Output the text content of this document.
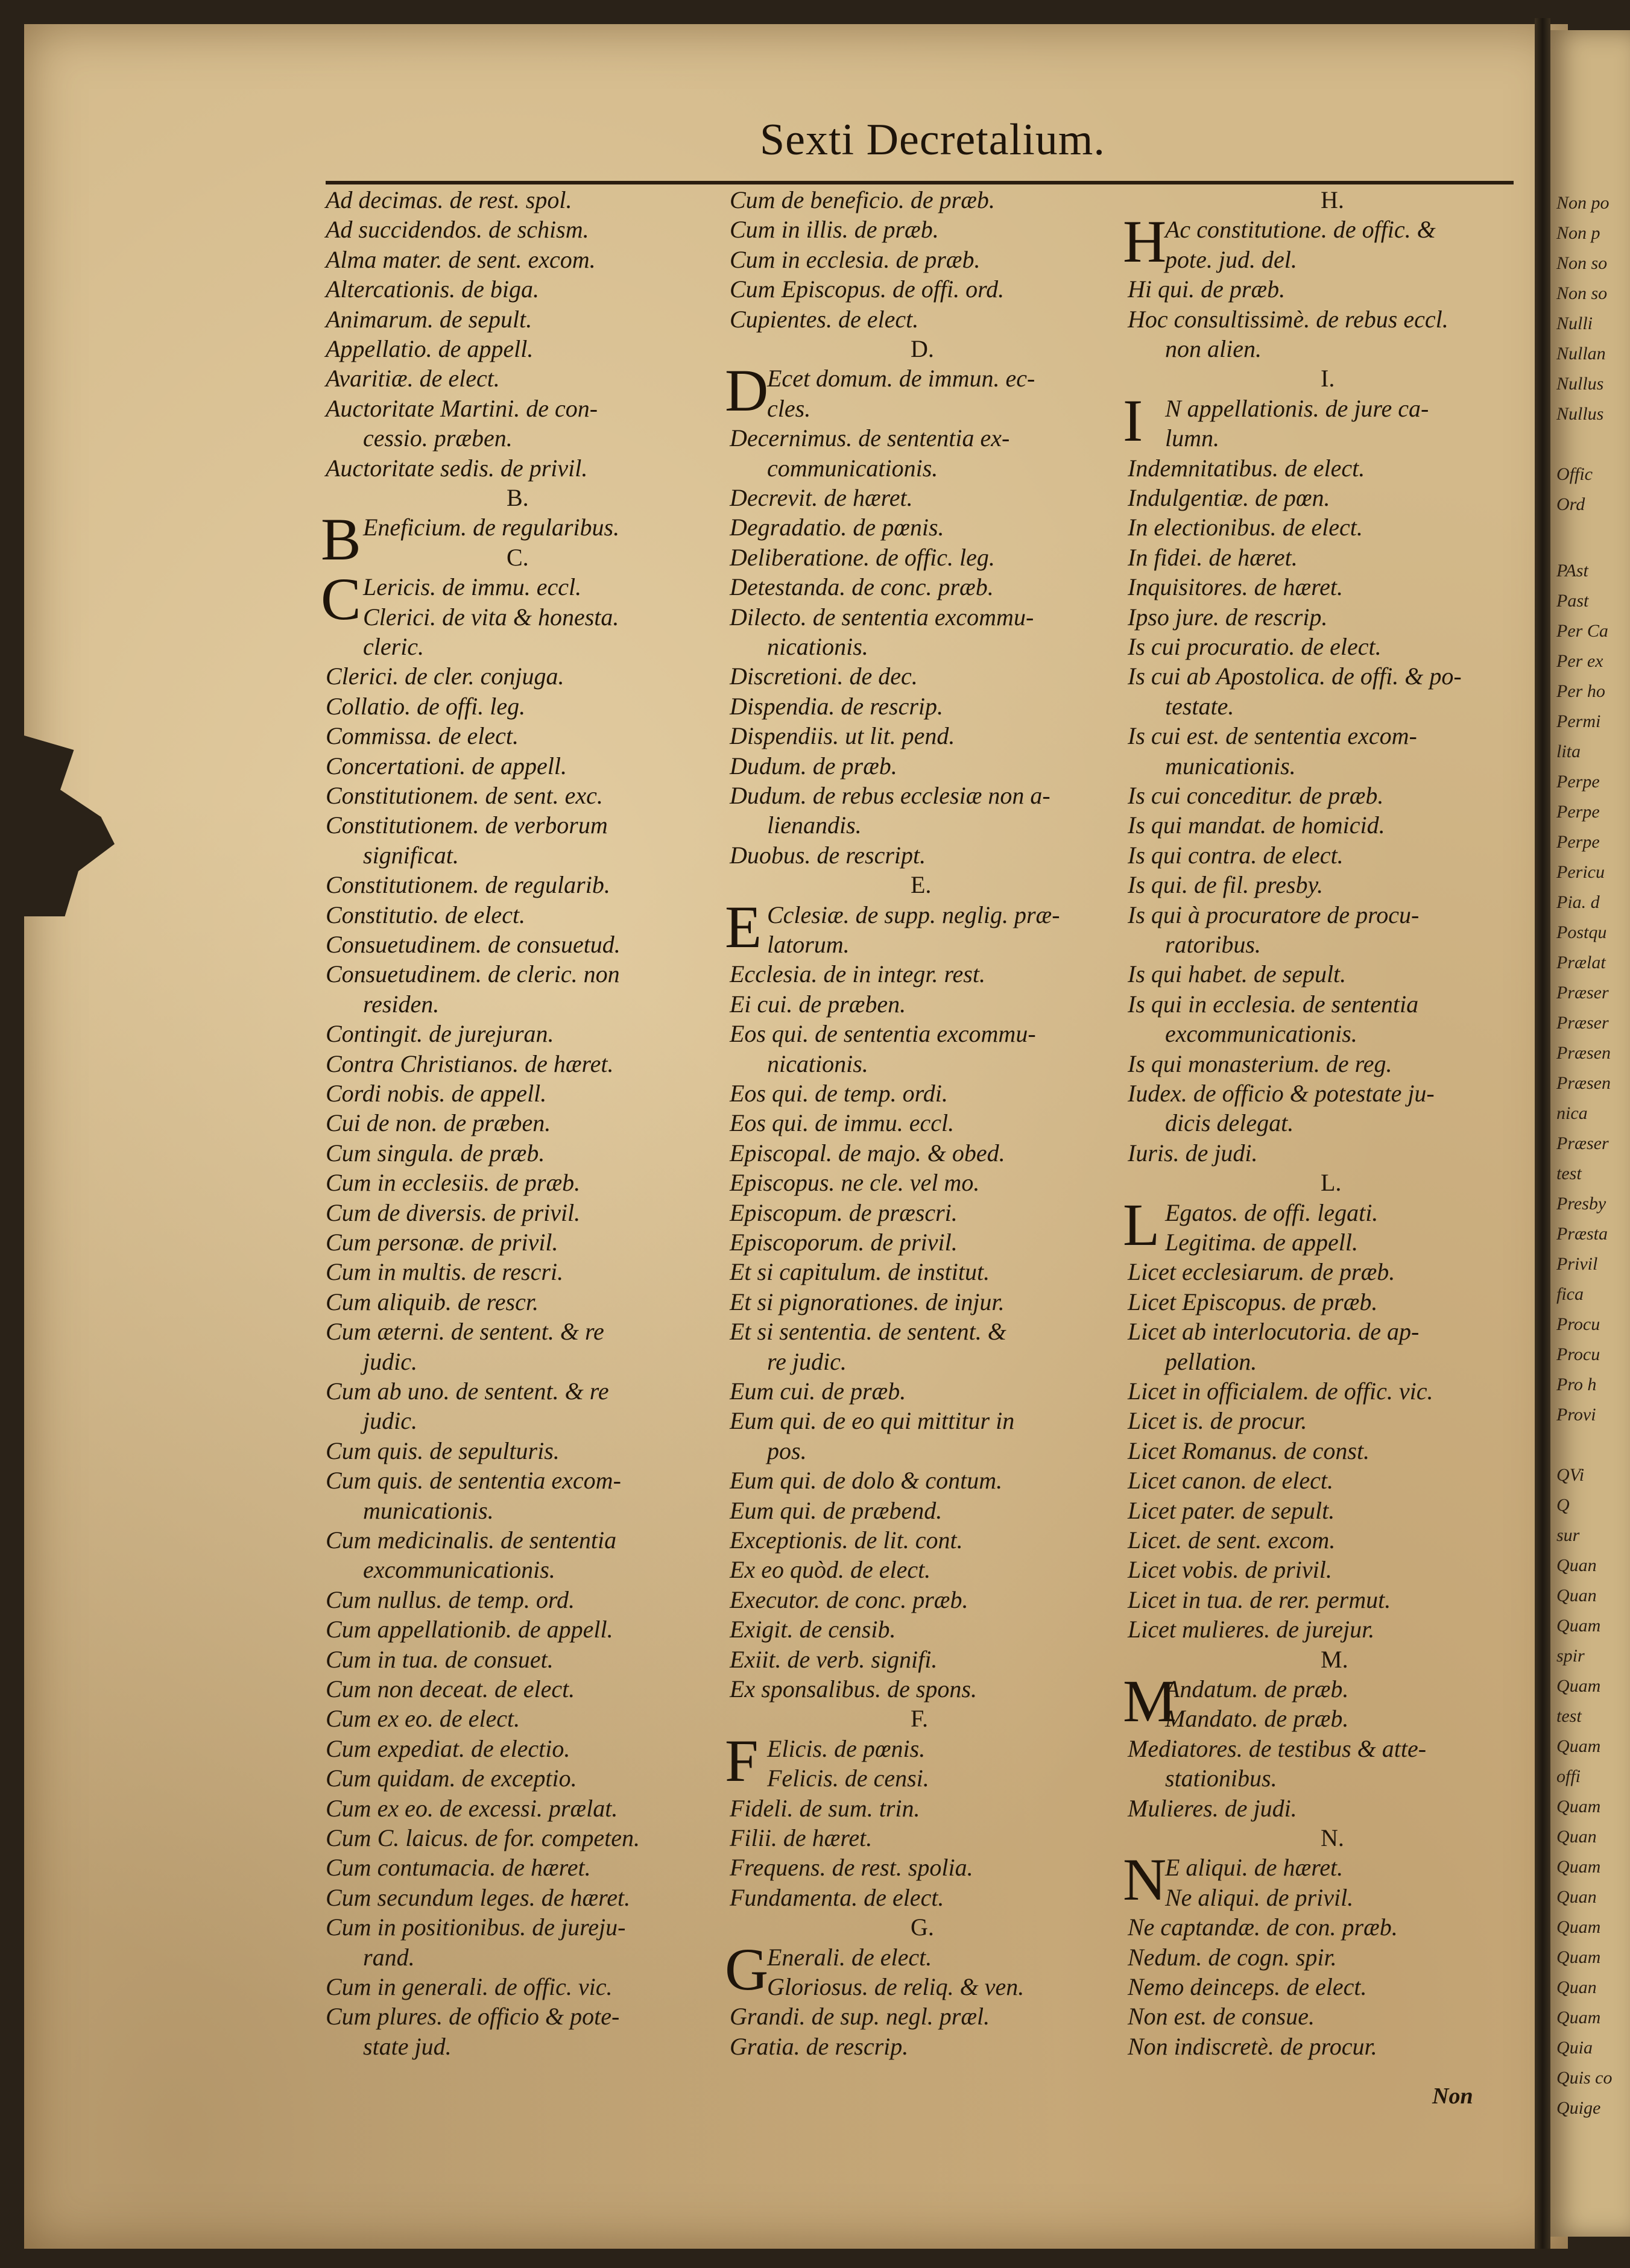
Non po
Non p
Non so
Non so
Nulli
Nullan
Nullus
Nullus
Offic
Ord
PAst
Past
Per Ca
Per ex
Per ho
Permi
lita
Perpe
Perpe
Perpe
Pericu
Pia. d
Postqu
Prælat
Præser
Præser
Præsen
Præsen
nica
Præser
test
Presby
Præsta
Privil
fica
Procu
Procu
Pro h
Provi
QVi
Q
sur
Quan
Quan
Quam
spir
Quam
test
Quam
offi
Quam
Quan
Quam
Quan
Quam
Quam
Quan
Quam
Quia
Quis co
Quige
Sexti Decretalium.
Ad decimas. de rest. spol.
Ad succidendos. de schism.
Alma mater. de sent. excom.
Altercationis. de biga.
Animarum. de sepult.
Appellatio. de appell.
Avaritiæ. de elect.
Auctoritate Martini. de con-
cessio. præben.
Auctoritate sedis. de privil.
B.
B Eneficium. de regularibus.
C.
C Lericis. de immu. eccl.
Clerici. de vita & honesta.
cleric.
Clerici. de cler. conjuga.
Collatio. de offi. leg.
Commissa. de elect.
Concertationi. de appell.
Constitutionem. de sent. exc.
Constitutionem. de verborum
significat.
Constitutionem. de regularib.
Constitutio. de elect.
Consuetudinem. de consuetud.
Consuetudinem. de cleric. non
residen.
Contingit. de jurejuran.
Contra Christianos. de hæret.
Cordi nobis. de appell.
Cui de non. de præben.
Cum singula. de præb.
Cum in ecclesiis. de præb.
Cum de diversis. de privil.
Cum personæ. de privil.
Cum in multis. de rescri.
Cum aliquib. de rescr.
Cum æterni. de sentent. & re
judic.
Cum ab uno. de sentent. & re
judic.
Cum quis. de sepulturis.
Cum quis. de sententia excom-
municationis.
Cum medicinalis. de sententia
excommunicationis.
Cum nullus. de temp. ord.
Cum appellationib. de appell.
Cum in tua. de consuet.
Cum non deceat. de elect.
Cum ex eo. de elect.
Cum expediat. de electio.
Cum quidam. de exceptio.
Cum ex eo. de excessi. prælat.
Cum C. laicus. de for. competen.
Cum contumacia. de hæret.
Cum secundum leges. de hæret.
Cum in positionibus. de jureju-
rand.
Cum in generali. de offic. vic.
Cum plures. de officio & pote-
state jud.
Cum de beneficio. de præb.
Cum in illis. de præb.
Cum in ecclesia. de præb.
Cum Episcopus. de offi. ord.
Cupientes. de elect.
D.
D
Ecet domum. de immun. ec-
cles.
Decernimus. de sententia ex-
communicationis.
Decrevit. de hæret.
Degradatio. de pœnis.
Deliberatione. de offic. leg.
Detestanda. de conc. præb.
Dilecto. de sententia excommu-
nicationis.
Discretioni. de dec.
Dispendia. de rescrip.
Dispendiis. ut lit. pend.
Dudum. de præb.
Dudum. de rebus ecclesiæ non a-
lienandis.
Duobus. de rescript.
E.
E Cclesiæ. de supp. neglig. præ-
latorum.
Ecclesia. de in integr. rest.
Ei cui. de præben.
Eos qui. de sententia excommu-
nicationis.
Eos qui. de temp. ordi.
Eos qui. de immu. eccl.
Episcopal. de majo. & obed.
Episcopus. ne cle. vel mo.
Episcopum. de præscri.
Episcoporum. de privil.
Et si capitulum. de institut.
Et si pignorationes. de injur.
Et si sententia. de sentent. &
re judic.
Eum cui. de præb.
Eum qui. de eo qui mittitur in
pos.
Eum qui. de dolo & contum.
Eum qui. de præbend.
Exceptionis. de lit. cont.
Ex eo quòd. de elect.
Executor. de conc. præb.
Exigit. de censib.
Exiit. de verb. signifi.
Ex sponsalibus. de spons.
F.
F Elicis. de pœnis.
Felicis. de censi.
Fideli. de sum. trin.
Filii. de hæret.
Frequens. de rest. spolia.
Fundamenta. de elect.
G.
G
Enerali. de elect.
Gloriosus. de reliq. & ven.
Grandi. de sup. negl. præl.
Gratia. de rescrip.
H.
H
Ac constitutione. de offic. &
pote. jud. del.
Hi qui. de præb.
Hoc consultissimè. de rebus eccl.
non alien.
I.
I N appellationis. de jure ca-
lumn.
Indemnitatibus. de elect.
Indulgentiæ. de pœn.
In electionibus. de elect.
In fidei. de hæret.
Inquisitores. de hæret.
Ipso jure. de rescrip.
Is cui procuratio. de elect.
Is cui ab Apostolica. de offi. & po-
testate.
Is cui est. de sententia excom-
municationis.
Is cui conceditur. de præb.
Is qui mandat. de homicid.
Is qui contra. de elect.
Is qui. de fil. presby.
Is qui à procuratore de procu-
ratoribus.
Is qui habet. de sepult.
Is qui in ecclesia. de sententia
excommunicationis.
Is qui monasterium. de reg.
Iudex. de officio & potestate ju-
dicis delegat.
Iuris. de judi.
L.
L Egatos. de offi. legati.
Legitima. de appell.
Licet ecclesiarum. de præb.
Licet Episcopus. de præb.
Licet ab interlocutoria. de ap-
pellation.
Licet in officialem. de offic. vic.
Licet is. de procur.
Licet Romanus. de const.
Licet canon. de elect.
Licet pater. de sepult.
Licet. de sent. excom.
Licet vobis. de privil.
Licet in tua. de rer. permut.
Licet mulieres. de jurejur.
M.
M
Andatum. de præb.
Mandato. de præb.
Mediatores. de testibus & atte-
stationibus.
Mulieres. de judi.
N.
N
E aliqui. de hæret.
Ne aliqui. de privil.
Ne captandæ. de con. præb.
Nedum. de cogn. spir.
Nemo deinceps. de elect.
Non est. de consue.
Non indiscretè. de procur.
Non
